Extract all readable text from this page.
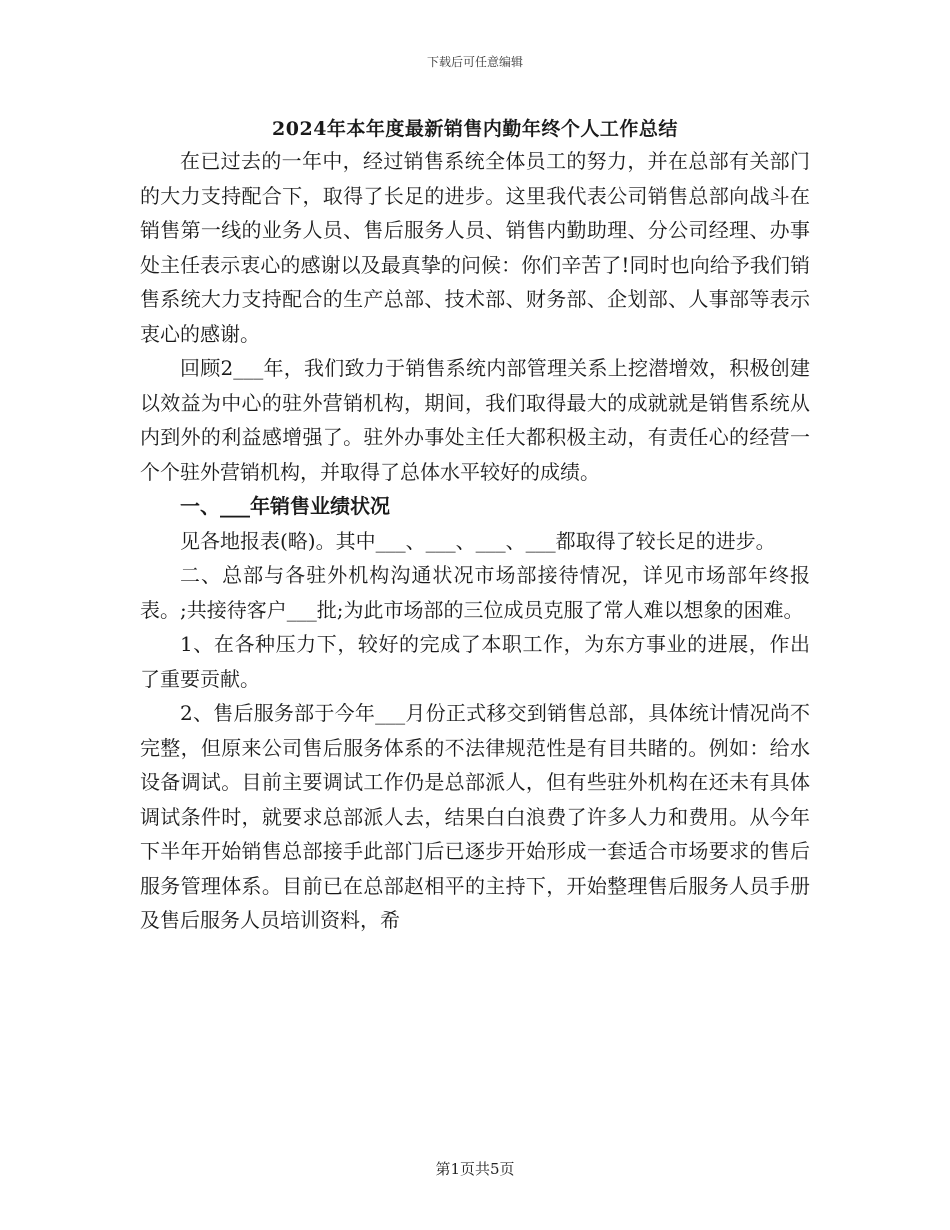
下载后可任意编辑
2024年本年度最新销售内勤年终个人工作总结

在已过去的一年中，经过销售系统全体员工的努力，并在总部有关部门的大力支持配合下，取得了长足的进步。这里我代表公司销售总部向战斗在销售第一线的业务人员、售后服务人员、销售内勤助理、分公司经理、办事处主任表示衷心的感谢以及最真挚的问候：你们辛苦了!同时也向给予我们销售系统大力支持配合的生产总部、技术部、财务部、企划部、人事部等表示衷心的感谢。

回顾2___年，我们致力于销售系统内部管理关系上挖潜增效，积极创建以效益为中心的驻外营销机构，期间，我们取得最大的成就就是销售系统从内到外的利益感增强了。驻外办事处主任大都积极主动，有责任心的经营一个个驻外营销机构，并取得了总体水平较好的成绩。

一、___年销售业绩状况

见各地报表(略)。其中___、___、___、___都取得了较长足的进步。

二、总部与各驻外机构沟通状况市场部接待情况，详见市场部年终报表。;共接待客户___批;为此市场部的三位成员克服了常人难以想象的困难。

1、在各种压力下，较好的完成了本职工作，为东方事业的进展，作出了重要贡献。

2、售后服务部于今年___月份正式移交到销售总部，具体统计情况尚不完整，但原来公司售后服务体系的不法律规范性是有目共睹的。例如：给水设备调试。目前主要调试工作仍是总部派人，但有些驻外机构在还未有具体调试条件时，就要求总部派人去，结果白白浪费了许多人力和费用。从今年下半年开始销售总部接手此部门后已逐步开始形成一套适合市场要求的售后服务管理体系。目前已在总部赵相平的主持下，开始整理售后服务人员手册及售后服务人员培训资料，希

第1页共5页
